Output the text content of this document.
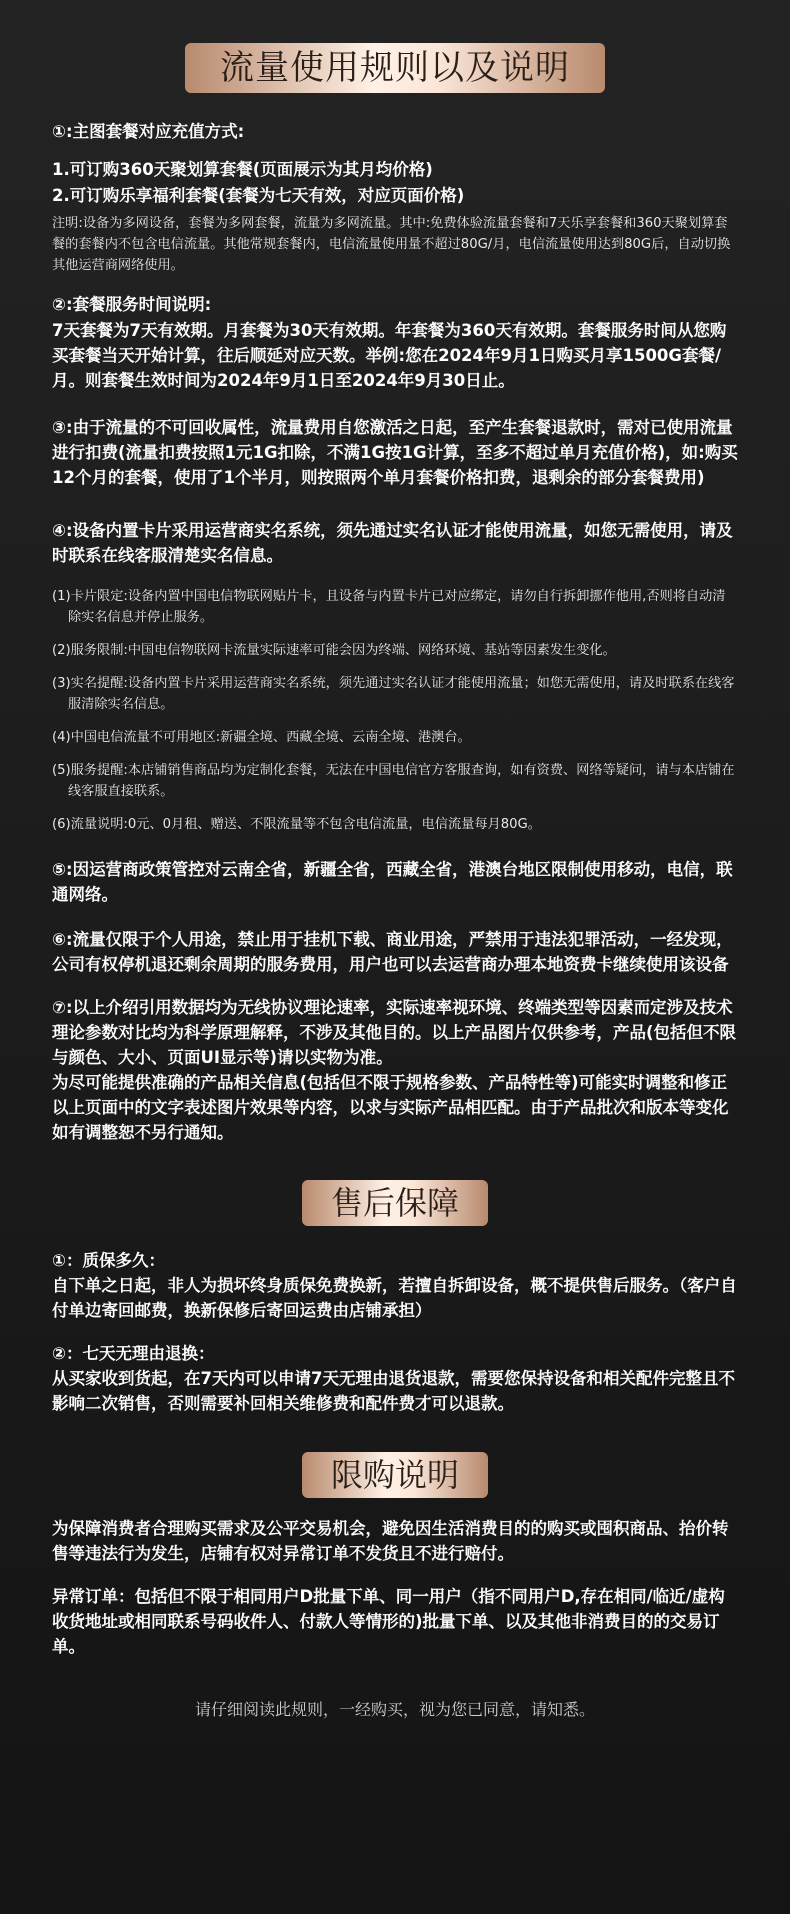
流量使用规则以及说明

①:主图套餐对应充值方式:

1.可订购360天聚划算套餐(页面展示为其月均价格)

2.可订购乐享福利套餐(套餐为七天有效，对应页面价格)

注明:设备为多网设备，套餐为多网套餐，流量为多网流量。其中:免费体验流量套餐和7天乐享套餐和360天聚划算套餐的套餐内不包含电信流量。其他常规套餐内，电信流量使用量不超过80G/月，电信流量使用达到80G后，自动切换其他运营商网络使用。

②:套餐服务时间说明:

7天套餐为7天有效期。月套餐为30天有效期。年套餐为360天有效期。套餐服务时间从您购买套餐当天开始计算，往后顺延对应天数。举例:您在2024年9月1日购买月享1500G套餐/月。则套餐生效时间为2024年9月1日至2024年9月30日止。

③:由于流量的不可回收属性，流量费用自您激活之日起，至产生套餐退款时，需对已使用流量进行扣费(流量扣费按照1元1G扣除，不满1G按1G计算，至多不超过单月充值价格)，如:购买12个月的套餐，使用了1个半月，则按照两个单月套餐价格扣费，退剩余的部分套餐费用)

④:设备内置卡片采用运营商实名系统，须先通过实名认证才能使用流量，如您无需使用，请及时联系在线客服清楚实名信息。

(1)卡片限定:设备内置中国电信物联网贴片卡，且设备与内置卡片已对应绑定，请勿自行拆卸挪作他用,否则将自动清除实名信息并停止服务。

(2)服务限制:中国电信物联网卡流量实际速率可能会因为终端、网络环境、基站等因素发生变化。

(3)实名提醒:设备内置卡片采用运营商实名系统，须先通过实名认证才能使用流量；如您无需使用，请及时联系在线客服清除实名信息。

(4)中国电信流量不可用地区:新疆全境、西藏全境、云南全境、港澳台。

(5)服务提醒:本店铺销售商品均为定制化套餐，无法在中国电信官方客服查询，如有资费、网络等疑问，请与本店铺在线客服直接联系。

(6)流量说明:0元、0月租、赠送、不限流量等不包含电信流量，电信流量每月80G。

⑤:因运营商政策管控对云南全省，新疆全省，西藏全省，港澳台地区限制使用移动，电信，联通网络。

⑥:流量仅限于个人用途，禁止用于挂机下载、商业用途，严禁用于违法犯罪活动，一经发现，公司有权停机退还剩余周期的服务费用，用户也可以去运营商办理本地资费卡继续使用该设备

⑦:以上介绍引用数据均为无线协议理论速率，实际速率视环境、终端类型等因素而定涉及技术理论参数对比均为科学原理解释，不涉及其他目的。以上产品图片仅供参考，产品(包括但不限与颜色、大小、页面UI显示等)请以实物为准。

为尽可能提供准确的产品相关信息(包括但不限于规格参数、产品特性等)可能实时调整和修正以上页面中的文字表述图片效果等内容，以求与实际产品相匹配。由于产品批次和版本等变化如有调整恕不另行通知。

售后保障

①：质保多久：

自下单之日起，非人为损坏终身质保免费换新，若擅自拆卸设备，概不提供售后服务。（客户自付单边寄回邮费，换新保修后寄回运费由店铺承担）

②：七天无理由退换：

从买家收到货起，在7天内可以申请7天无理由退货退款，需要您保持设备和相关配件完整且不影响二次销售，否则需要补回相关维修费和配件费才可以退款。

限购说明

为保障消费者合理购买需求及公平交易机会，避免因生活消费目的的购买或囤积商品、抬价转售等违法行为发生，店铺有权对异常订单不发货且不进行赔付。

异常订单：包括但不限于相同用户D批量下单、同一用户（指不同用户D,存在相同/临近/虚构收货地址或相同联系号码收件人、付款人等情形的)批量下单、以及其他非消费目的的交易订单。

请仔细阅读此规则，一经购买，视为您已同意，请知悉。
